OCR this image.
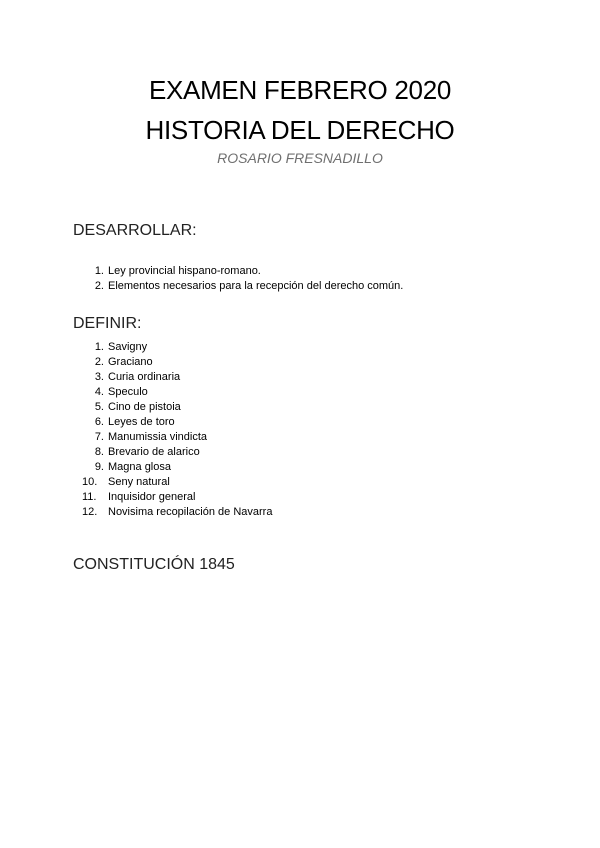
EXAMEN FEBRERO 2020
HISTORIA DEL DERECHO

ROSARIO FRESNADILLO

DESARROLLAR:
1. Ley provincial hispano-romano.
2. Elementos necesarios para la recepción del derecho común.
DEFINIR:
1. Savigny
2. Graciano
3. Curia ordinaria
4. Speculo
5. Cino de pistoia
6. Leyes de toro
7. Manumissia vindicta
8. Brevario de alarico
9. Magna glosa
10. Seny natural
11.	Inquisidor general
12. Novisima recopilación de Navarra
CONSTITUCIÓN 1845
